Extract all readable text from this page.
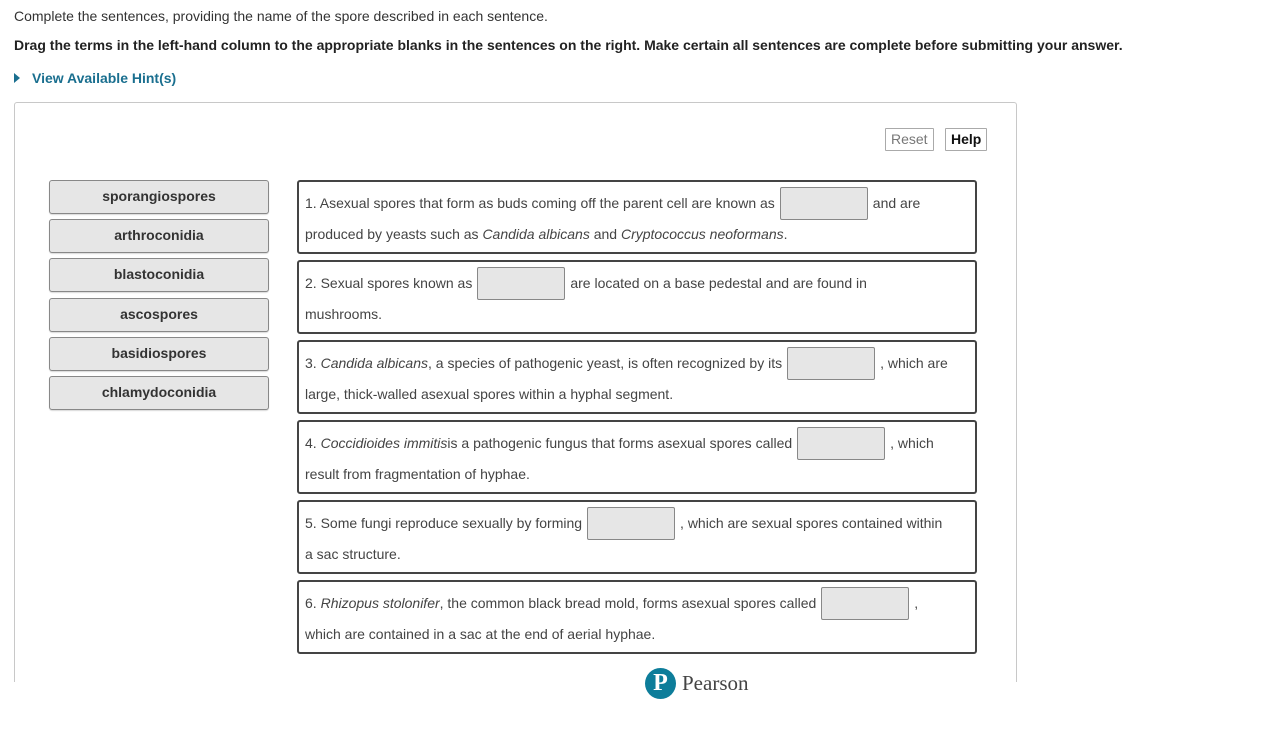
Complete the sentences, providing the name of the spore described in each sentence.
Drag the terms in the left-hand column to the appropriate blanks in the sentences on the right. Make certain all sentences are complete before submitting your answer.
View Available Hint(s)
Reset	Help
sporangiospores
arthroconidia
blastoconidia
ascospores
basidiospores
chlamydoconidia
1. Asexual spores that form as buds coming off the parent cell are known as	and are
produced by yeasts such as
Candida albicans
and
Cryptococcus neoformans .
2. Sexual spores known as	are located on a base pedestal and are found in
mushrooms.
3.
Candida albicans , a species of pathogenic yeast, is often recognized by its	, which are
large, thick-walled asexual spores within a hyphal segment.
4.
Coccidioides immitis is a pathogenic fungus that forms asexual spores called	, which
result from fragmentation of hyphae.
5. Some fungi reproduce sexually by forming	, which are sexual spores contained within
a sac structure.
6.
Rhizopus stolonifer , the common black bread mold, forms asexual spores called	,
which are contained in a sac at the end of aerial hyphae.
P Pearson
